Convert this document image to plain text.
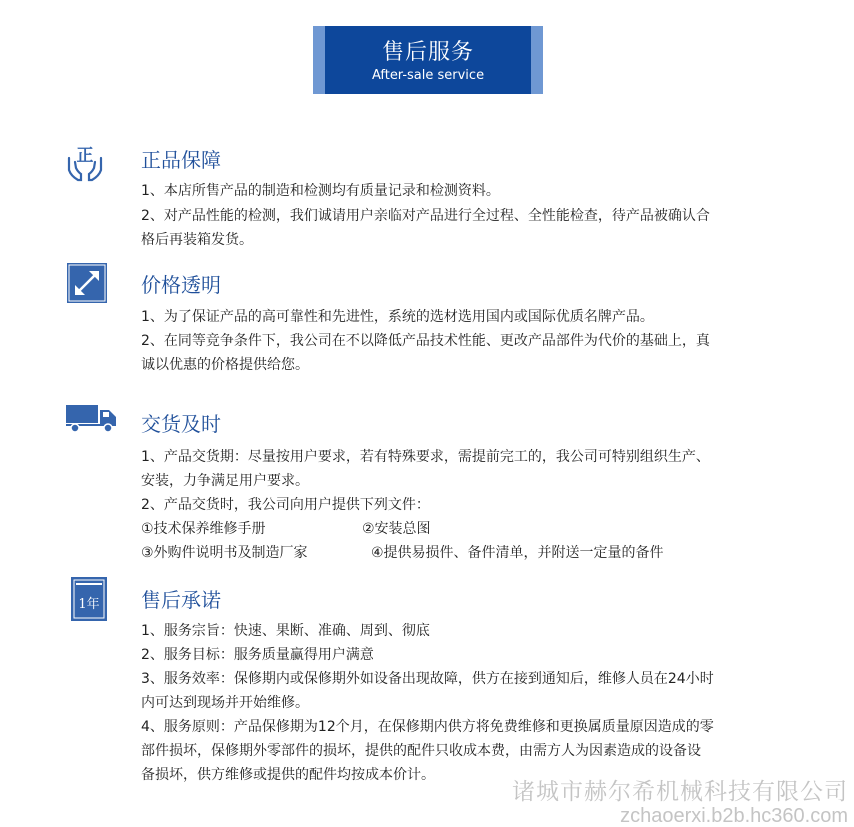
售后服务
After-sale service
正 正品保障
1、本店所售产品的制造和检测均有质量记录和检测资料。
2、对产品性能的检测，我们诚请用户亲临对产品进行全过程、全性能检查，待产品被确认合
格后再装箱发货。
价格透明
1、为了保证产品的高可靠性和先进性，系统的选材选用国内或国际优质名牌产品。
2、在同等竞争条件下，我公司在不以降低产品技术性能、更改产品部件为代价的基础上，真
诚以优惠的价格提供给您。
交货及时
1、产品交货期：尽量按用户要求，若有特殊要求，需提前完工的，我公司可特别组织生产、
安装，力争满足用户要求。
2、产品交货时，我公司向用户提供下列文件：
①技术保养维修手册	②安装总图
③外购件说明书及制造厂家	④提供易损件、备件清单，并附送一定量的备件
1年 售后承诺
1、服务宗旨：快速、果断、准确、周到、彻底
2、服务目标：服务质量赢得用户满意
3、服务效率：保修期内或保修期外如设备出现故障，供方在接到通知后，维修人员在24小时
内可达到现场并开始维修。
4、服务原则：产品保修期为12个月，在保修期内供方将免费维修和更换属质量原因造成的零
部件损坏，保修期外零部件的损坏，提供的配件只收成本费，由需方人为因素造成的设备设
备损坏，供方维修或提供的配件均按成本价计。
诸城市赫尔希机械科技有限公司
zchaoerxi.b2b.hc360.com
